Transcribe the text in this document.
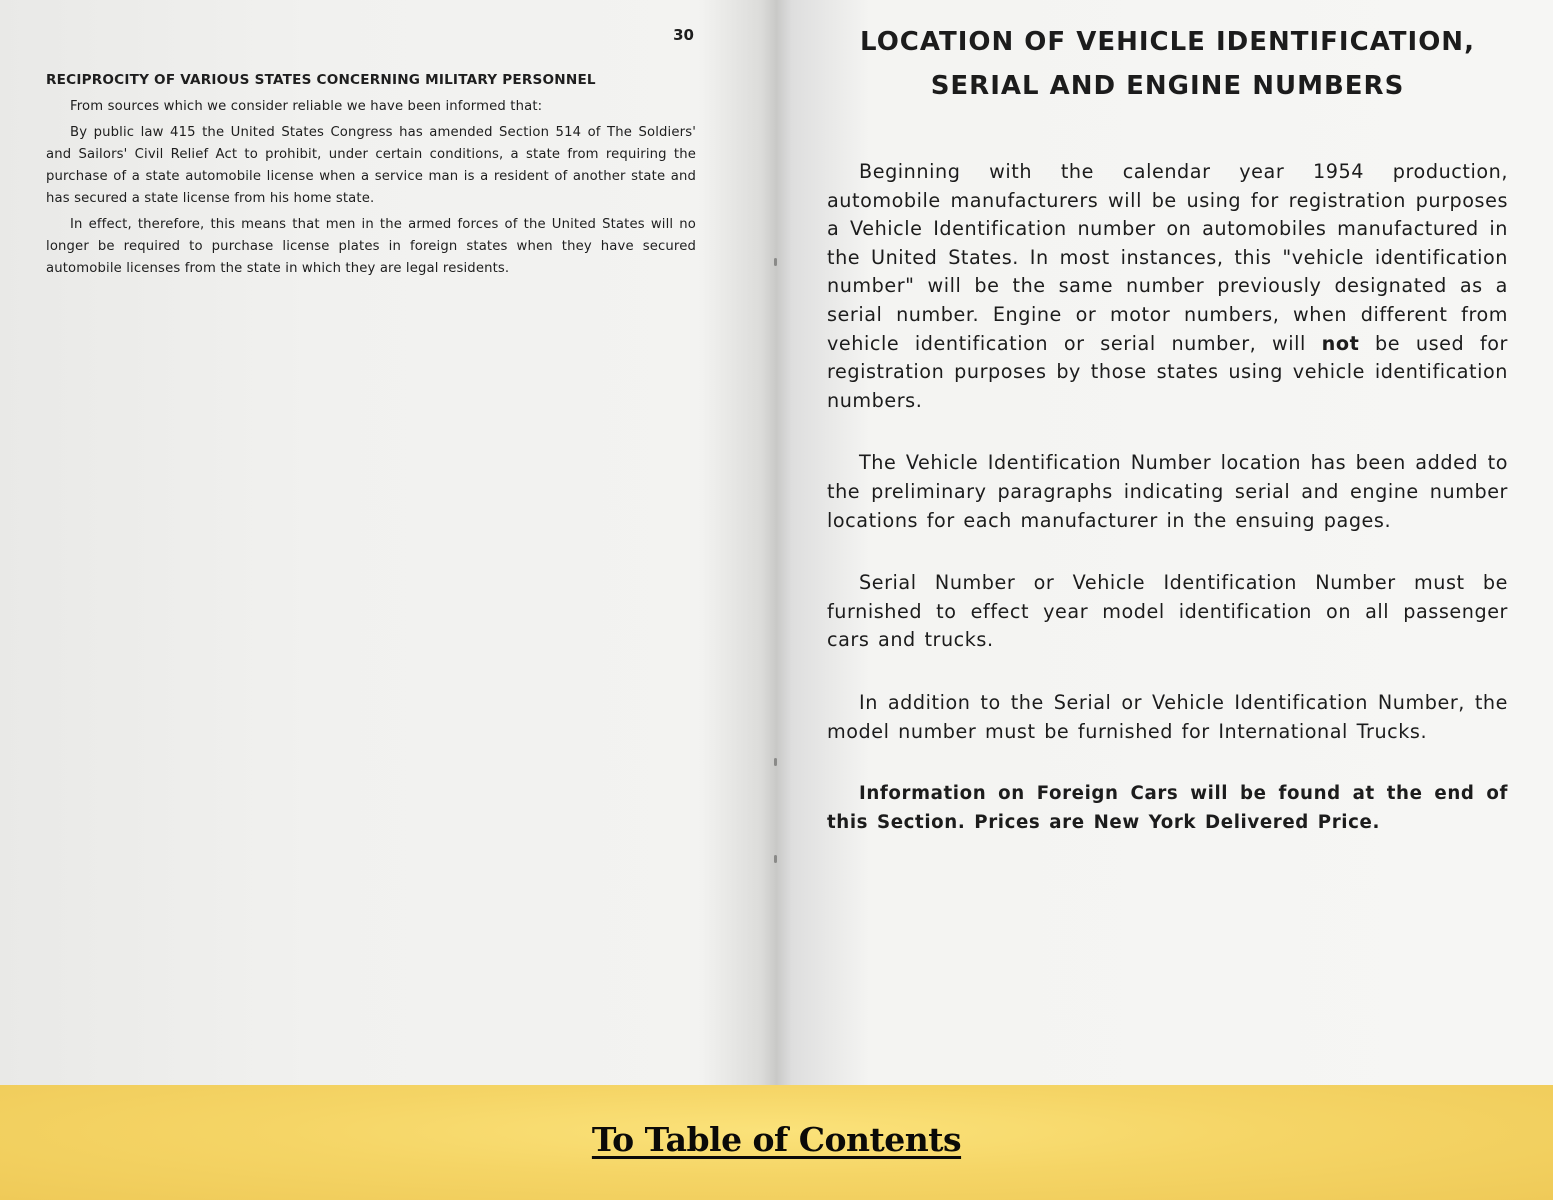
30
RECIPROCITY OF VARIOUS STATES CONCERNING MILITARY PERSONNEL

From sources which we consider reliable we have been informed that:

By public law 415 the United States Congress has amended Section 514 of The Soldiers' and Sailors' Civil Relief Act to prohibit, under certain conditions, a state from requiring the purchase of a state automobile license when a service man is a resident of another state and has secured a state license from his home state.

In effect, therefore, this means that men in the armed forces of the United States will no longer be required to purchase license plates in foreign states when they have secured automobile licenses from the state in which they are legal residents.

LOCATION OF VEHICLE IDENTIFICATION,
SERIAL AND ENGINE NUMBERS

Beginning with the calendar year 1954 production, automobile manufacturers will be using for registration purposes a Vehicle Identification number on automobiles manufactured in the United States. In most instances, this "vehicle identification number" will be the same number previously designated as a serial number. Engine or motor numbers, when different from vehicle identification or serial number, will not be used for registration purposes by those states using vehicle identification numbers.

The Vehicle Identification Number location has been added to the preliminary paragraphs indicating serial and engine number locations for each manufacturer in the ensuing pages.

Serial Number or Vehicle Identification Number must be furnished to effect year model identification on all passenger cars and trucks.

In addition to the Serial or Vehicle Identification Number, the model number must be furnished for International Trucks.

Information on Foreign Cars will be found at the end of this Section. Prices are New York Delivered Price.

To Table of Contents
